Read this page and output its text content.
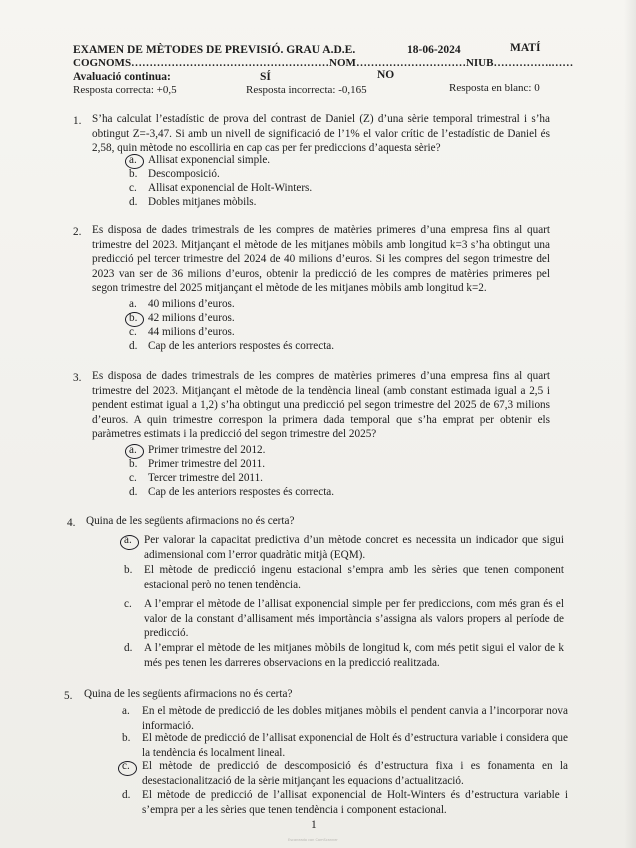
EXAMEN DE MÈTODES DE PREVISIÓ. GRAU A.D.E.	18-06-2024	MATÍ
COGNOMS………………………………………………NOM…………………………NIUB…………….……
Avaluació continua:	SÍ	NO
Resposta correcta: +0,5	Resposta incorrecta: -0,165	Resposta en blanc: 0
1. S’ha calculat l’estadístic de prova del contrast de Daniel (Z) d’una sèrie temporal trimestral i s’ha obtingut Z=-3,47. Si amb un nivell de significació de l’1% el valor crític de l’estadístic de Daniel és 2,58, quin mètode no escolliria en cap cas per fer prediccions d’aquesta sèrie?
a. Allisat exponencial simple.
b. Descomposició.
c. Allisat exponencial de Holt-Winters.
d. Dobles mitjanes mòbils.
2. Es disposa de dades trimestrals de les compres de matèries primeres d’una empresa fins al quart trimestre del 2023. Mitjançant el mètode de les mitjanes mòbils amb longitud k=3 s’ha obtingut una predicció pel tercer trimestre del 2024 de 40 milions d’euros. Si les compres del segon trimestre del 2023 van ser de 36 milions d’euros, obtenir la predicció de les compres de matèries primeres pel segon trimestre del 2025 mitjançant el mètode de les mitjanes mòbils amb longitud k=2.
a. 40 milions d’euros.
b. 42 milions d’euros.
c. 44 milions d’euros.
d. Cap de les anteriors respostes és correcta.
3. Es disposa de dades trimestrals de les compres de matèries primeres d’una empresa fins al quart trimestre del 2023. Mitjançant el mètode de la tendència lineal (amb constant estimada igual a 2,5 i pendent estimat igual a 1,2) s’ha obtingut una predicció pel segon trimestre del 2025 de 67,3 milions d’euros. A quin trimestre correspon la primera dada temporal que s’ha emprat per obtenir els paràmetres estimats i la predicció del segon trimestre del 2025?
a. Primer trimestre del 2012.
b. Primer trimestre del 2011.
c. Tercer trimestre del 2011.
d. Cap de les anteriors respostes és correcta.
4. Quina de les següents afirmacions no és certa?
a. Per valorar la capacitat predictiva d’un mètode concret es necessita un indicador que sigui adimensional com l’error quadràtic mitjà (EQM).
b. El mètode de predicció ingenu estacional s’empra amb les sèries que tenen component estacional però no tenen tendència.
c. A l’emprar el mètode de l’allisat exponencial simple per fer prediccions, com més gran és el valor de la constant d’allisament més importància s’assigna als valors propers al període de predicció.
d. A l’emprar el mètode de les mitjanes mòbils de longitud k, com més petit sigui el valor de k més pes tenen les darreres observacions en la predicció realitzada.
5. Quina de les següents afirmacions no és certa?
a. En el mètode de predicció de les dobles mitjanes mòbils el pendent canvia a l’incorporar nova informació.
b. El mètode de predicció de l’allisat exponencial de Holt és d’estructura variable i considera que la tendència és localment lineal.
c. El mètode de predicció de descomposició és d’estructura fixa i es fonamenta en la desestacionalització de la sèrie mitjançant les equacions d’actualització.
d. El mètode de predicció de l’allisat exponencial de Holt-Winters és d’estructura variable i s’empra per a les sèries que tenen tendència i component estacional.
1
Escaneado con CamScanner
